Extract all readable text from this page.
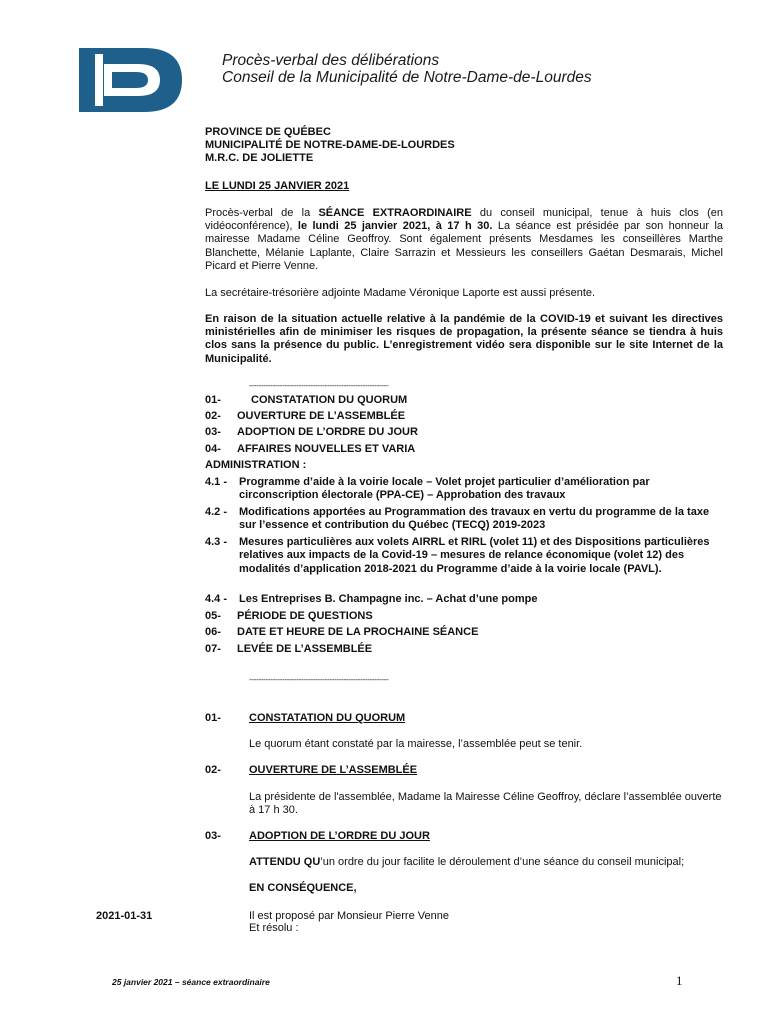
Procès-verbal des délibérations
Conseil de la Municipalité de Notre-Dame-de-Lourdes
PROVINCE DE QUÉBEC
MUNICIPALITÉ DE NOTRE-DAME-DE-LOURDES
M.R.C. DE JOLIETTE
LE LUNDI 25 JANVIER 2021
Procès-verbal de la SÉANCE EXTRAORDINAIRE du conseil municipal, tenue à huis clos (en vidéoconférence), le lundi 25 janvier 2021, à 17 h 30. La séance est présidée par son honneur la mairesse Madame Céline Geoffroy. Sont également présents Mesdames les conseillères Marthe Blanchette, Mélanie Laplante, Claire Sarrazin et Messieurs les conseillers Gaétan Desmarais, Michel Picard et Pierre Venne.
La secrétaire-trésorière adjointe Madame Véronique Laporte est aussi présente.
En raison de la situation actuelle relative à la pandémie de la COVID-19 et suivant les directives ministérielles afin de minimiser les risques de propagation, la présente séance se tiendra à huis clos sans la présence du public. L’enregistrement vidéo sera disponible sur le site Internet de la Municipalité.
-----------------------------------------------------------
01-	CONSTATATION DU QUORUM
02- OUVERTURE DE L’ASSEMBLÉE
03- ADOPTION DE L’ORDRE DU JOUR
04- AFFAIRES NOUVELLES ET VARIA
ADMINISTRATION :
4.1 - Programme d’aide à la voirie locale – Volet projet particulier d’amélioration par circonscription électorale (PPA-CE) – Approbation des travaux
4.2 - Modifications apportées au Programmation des travaux en vertu du programme de la taxe sur l’essence et contribution du Québec (TECQ) 2019-2023
4.3 - Mesures particulières aux volets AIRRL et RIRL (volet 11) et des Dispositions particulières relatives aux impacts de la Covid-19 – mesures de relance économique (volet 12) des modalités d’application 2018-2021 du Programme d’aide à la voirie locale (PAVL).
4.4 - Les Entreprises B. Champagne inc. – Achat d’une pompe
05- PÉRIODE DE QUESTIONS
06- DATE ET HEURE DE LA PROCHAINE SÉANCE
07- LEVÉE DE L’ASSEMBLÉE
-----------------------------------------------------------
01-	CONSTATATION DU QUORUM
Le quorum étant constaté par la mairesse, l’assemblée peut se tenir.
02-	OUVERTURE DE L’ASSEMBLÉE
La présidente de l'assemblée, Madame la Mairesse Céline Geoffroy, déclare l’assemblée ouverte à 17 h 30.
03-	ADOPTION DE L’ORDRE DU JOUR
ATTENDU QU’un ordre du jour facilite le déroulement d’une séance du conseil municipal;
EN CONSÉQUENCE,
2021-01-31	Il est proposé par Monsieur Pierre Venne
Et résolu :
25 janvier 2021 – séance extraordinaire	1
